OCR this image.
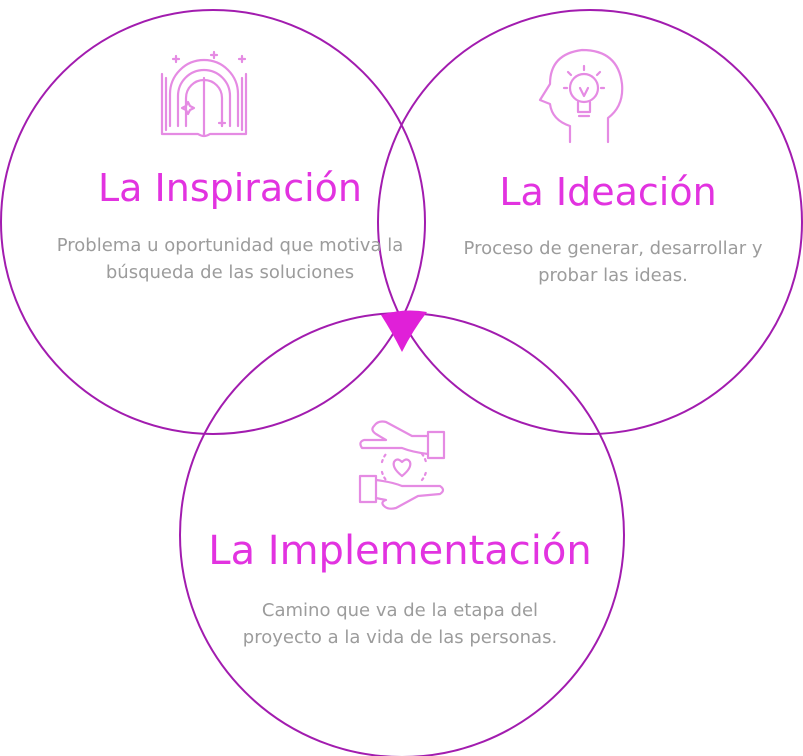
La Inspiración
Problema u oportunidad que motiva la búsqueda de las soluciones
La Ideación
Proceso de generar, desarrollar y probar las ideas.
La Implementación
Camino que va de la etapa del proyecto a la vida de las personas.
